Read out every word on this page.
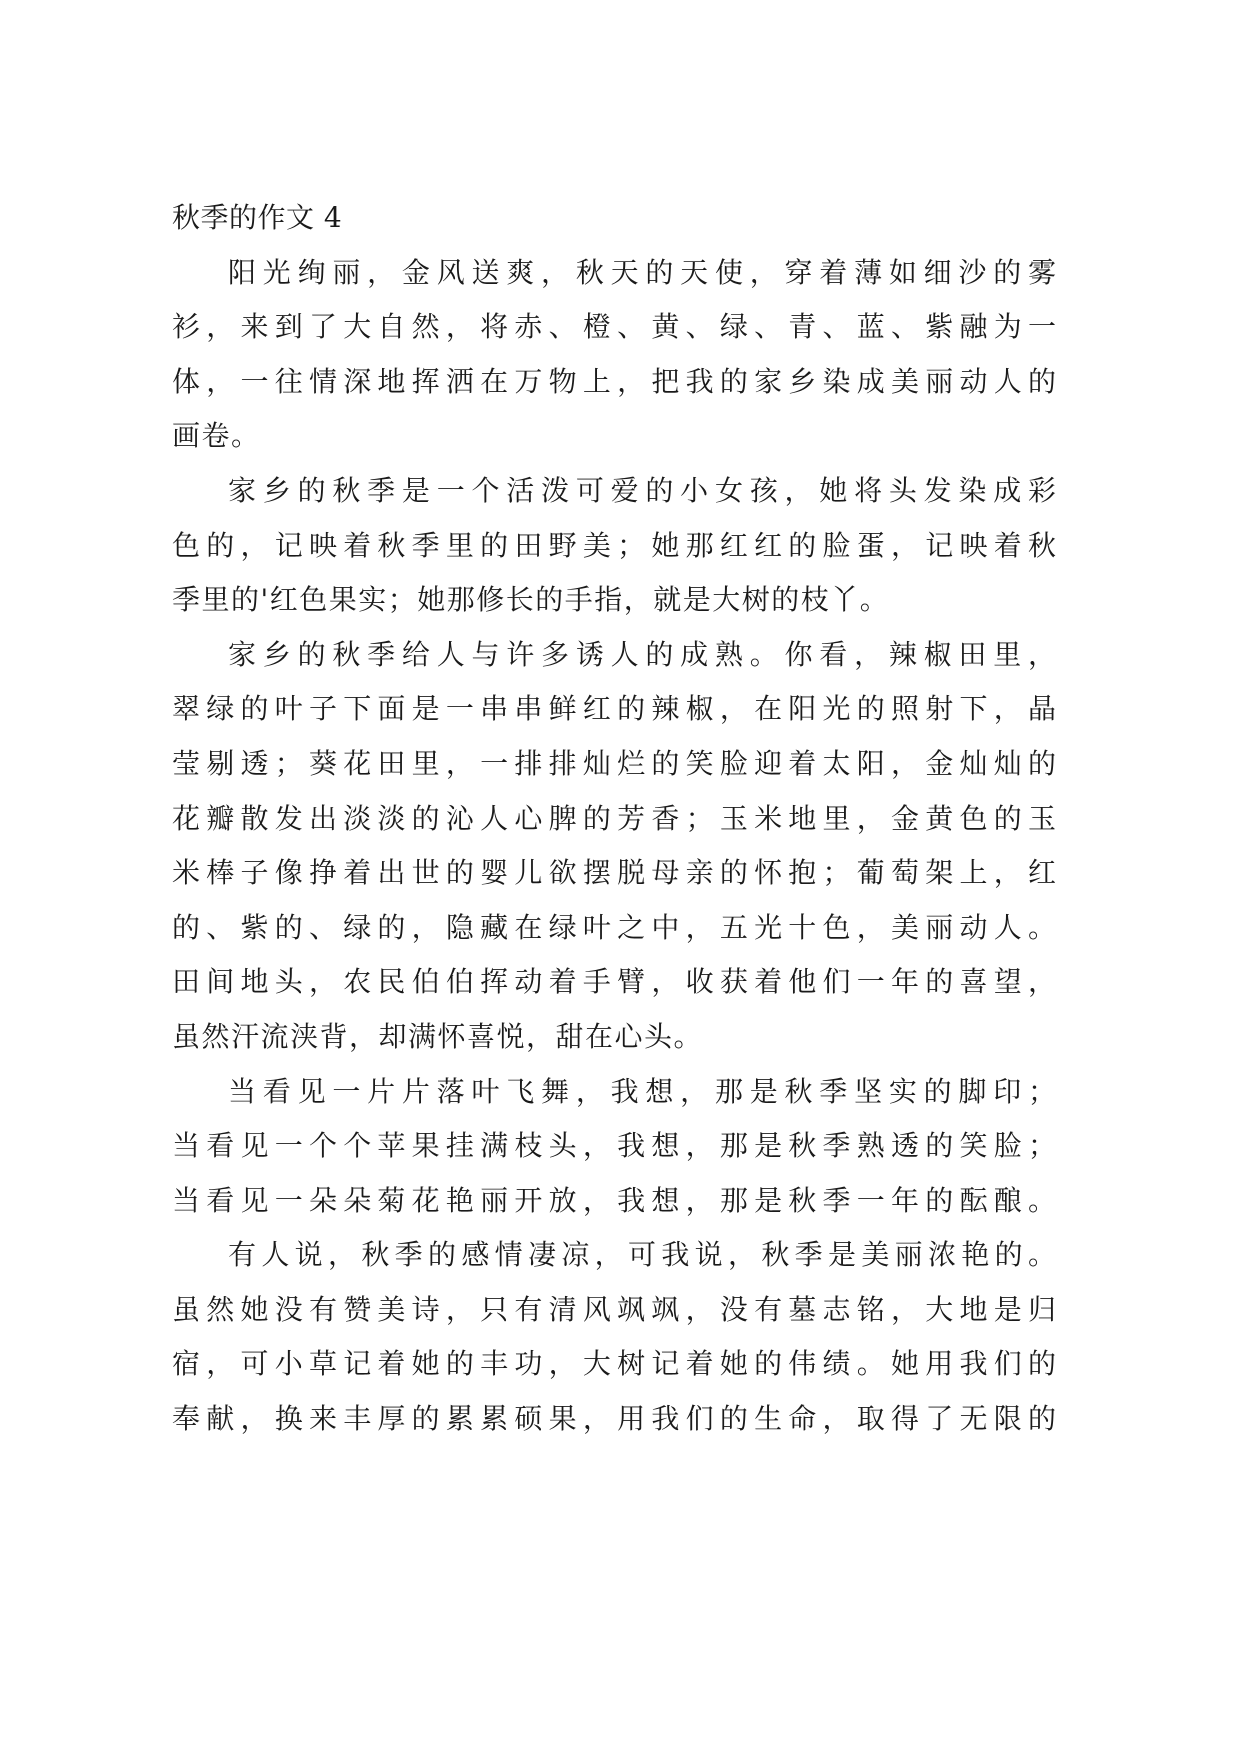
秋季的作文 4
阳光绚丽，金风送爽，秋天的天使，穿着薄如细沙的雾
衫，来到了大自然，将赤、橙、黄、绿、青、蓝、紫融为一
体，一往情深地挥洒在万物上，把我的家乡染成美丽动人的
画卷。
家乡的秋季是一个活泼可爱的小女孩，她将头发染成彩
色的，记映着秋季里的田野美；她那红红的脸蛋，记映着秋
季里的'红色果实；她那修长的手指，就是大树的枝丫。
家乡的秋季给人与许多诱人的成熟。你看，辣椒田里，
翠绿的叶子下面是一串串鲜红的辣椒，在阳光的照射下，晶
莹剔透；葵花田里，一排排灿烂的笑脸迎着太阳，金灿灿的
花瓣散发出淡淡的沁人心脾的芳香；玉米地里，金黄色的玉
米棒子像挣着出世的婴儿欲摆脱母亲的怀抱；葡萄架上，红
的、紫的、绿的，隐藏在绿叶之中，五光十色，美丽动人。
田间地头，农民伯伯挥动着手臂，收获着他们一年的喜望，
虽然汗流浃背，却满怀喜悦，甜在心头。
当看见一片片落叶飞舞，我想，那是秋季坚实的脚印；
当看见一个个苹果挂满枝头，我想，那是秋季熟透的笑脸；
当看见一朵朵菊花艳丽开放，我想，那是秋季一年的酝酿。
有人说，秋季的感情凄凉，可我说，秋季是美丽浓艳的。
虽然她没有赞美诗，只有清风飒飒，没有墓志铭，大地是归
宿，可小草记着她的丰功，大树记着她的伟绩。她用我们的
奉献，换来丰厚的累累硕果，用我们的生命，取得了无限的
